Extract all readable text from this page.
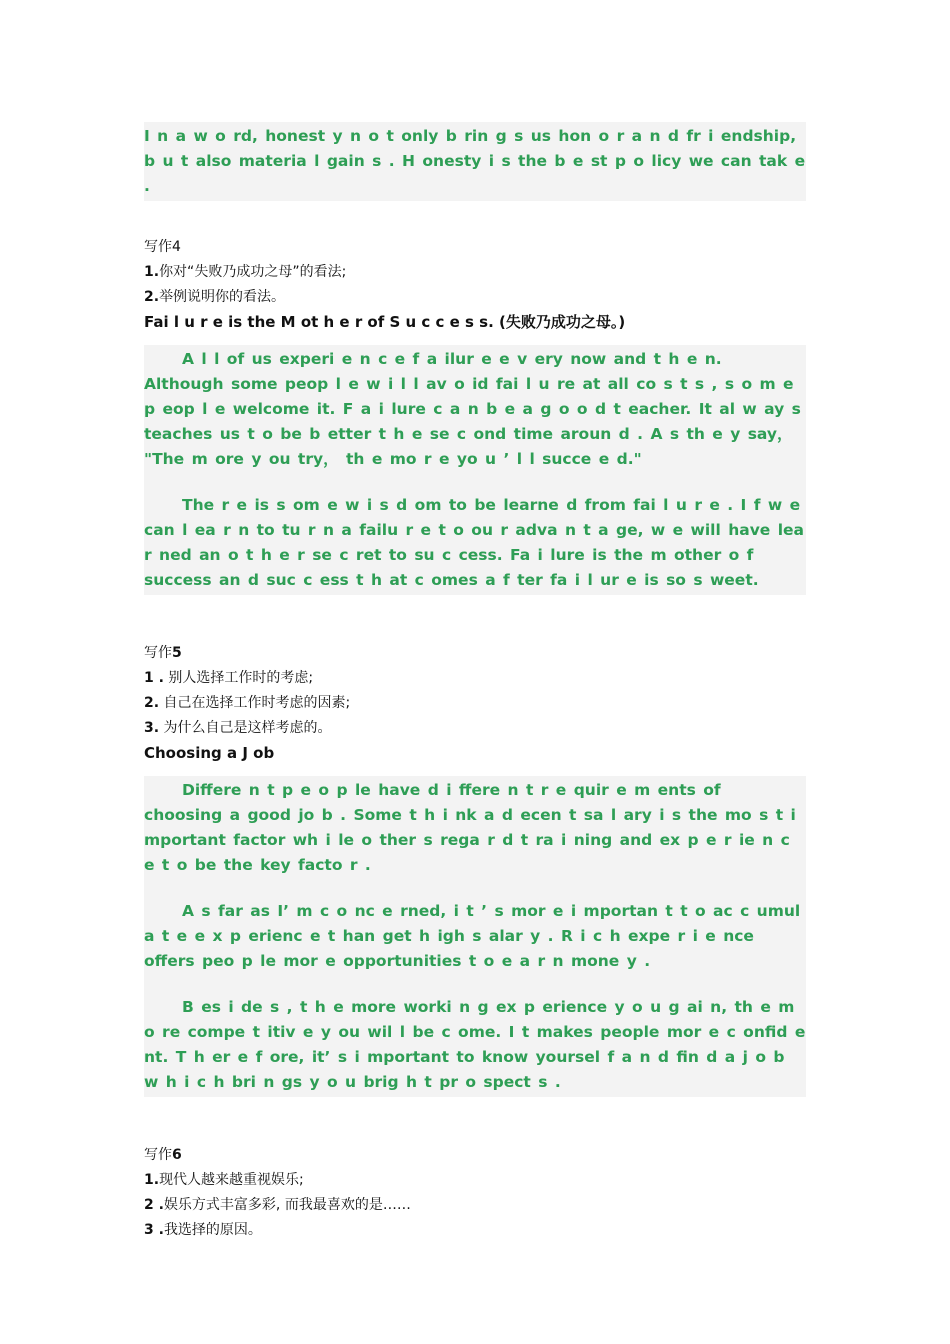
I n a w o rd, honest y n o t only b rin g s us hon o r a n d fr i endship, b u t also materia l gain s . H onesty i s the b e st p o licy we can tak e .

写作4

1.你对“失败乃成功之母”的看法;

2.举例说明你的看法。

Fai l u r e is the M ot h e r of S u c c e s s. (失败乃成功之母。)

A l l of us experi e n c e f a ilur e e v ery now and t h e n. Although some peop l e w i l l av o id fai l u re at all co s t s , s o m e p eop l e welcome it. F a i lure c a n b e a g o o d t eacher. It al w ay s teaches us t o be b etter t h e se c ond time aroun d . A s th e y say， "The m ore y ou try， th e mo r e yo u ’ l l succe e d."

The r e is s om e w i s d om to be learne d from fai l u r e . I f w e can l ea r n to tu r n a failu r e t o ou r adva n t a ge, w e will have lea r ned an o t h e r se c ret to su c cess. Fa i lure is the m other o f success an d suc c ess t h at c omes a f ter fa i l ur e is so s weet.

写作5

1 . 别人选择工作时的考虑;

2. 自己在选择工作时考虑的因素;

3. 为什么自己是这样考虑的。

Choosing a J ob

Differe n t p e o p le have d i ffere n t r e quir e m ents of choosing a good jo b . Some t h i nk a d ecen t sa l ary i s the mo s t i mportant factor wh i le o ther s rega r d t ra i ning and ex p e r ie n c e t o be the key facto r .

A s far as I’ m c o nc e rned, i t ’ s mor e i mportan t t o ac c umul a t e e x p erienc e t han get h igh s alar y . R i c h expe r i e nce offers peo p le mor e opportunities t o e a r n mone y .

B es i de s , t h e more worki n g ex p erience y o u g ai n, th e m o re compe t itiv e y ou wil l be c ome. I t makes people mor e c onfid e nt. T h er e f ore, it’ s i mportant to know yoursel f a n d fin d a j o b w h i c h bri n gs y o u brig h t pr o spect s .

写作6

1.现代人越来越重视娱乐;

2 .娱乐方式丰富多彩, 而我最喜欢的是……

3 .我选择的原因。
